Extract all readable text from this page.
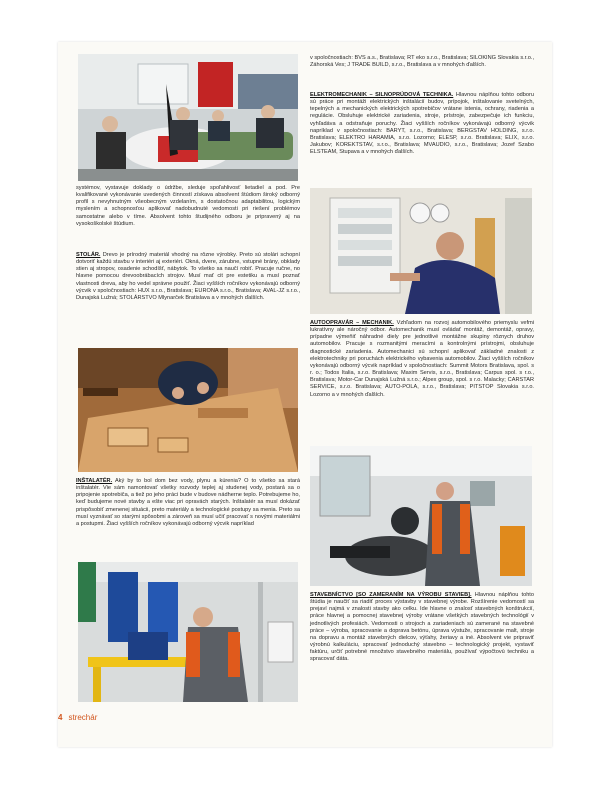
systémov, vystavuje doklady o údržbe, sleduje spoľahlivosť lietadiel a pod. Pre kvalifikované vykonávanie uvedených činností získava absolvent štúdiom široký odborný profil s nevyhnutným všeobecným vzdelaním, s dostatočnou adaptabilitou, logickým myslením a schopnosťou aplikovať nadobudnuté vedomosti pri riešení problémov samostatne alebo v tíme. Absolvent tohto študijného odboru je pripravený aj na vysokoškolské štúdium.

STOLÁR. Drevo je prírodný materiál vhodný na rôzne výrobky. Preto sú stolári schopní dotvoriť každú stavbu v interiéri aj exteriéri. Okná, dvere, zárubne, vstupné brány, obklady stien aj stropov, osadenie schodíšť, nábytok. To všetko sa naučí robiť. Pracuje ručne, no hlavne pomocou drevoobrábacích strojov. Musí mať cit pre estetiku a musí poznať vlastnosti dreva, aby ho vedel správne použiť. Žiaci vyšších ročníkov vykonávajú odborný výcvik v spoločnostiach: HUX s.r.o., Bratislava; EURONA s.r.o., Bratislava; AVAL-JZ s.r.o., Dunajská Lužná; STOLÁRSTVO Mlynarček Bratislava a v mnohých ďalších.

INŠTALATÉR. Aký by to bol dom bez vody, plynu a kúrenia? O to všetko sa stará inštalatér. Vie sám namontovať všetky rozvody teplej aj studenej vody, postará sa o pripojenie spotrebiča, a tiež po jeho práci bude v budove nádherne teplo. Potrebujeme ho, keď budujeme nové stavby a ešte viac pri opravách starých. Inštalatér sa musí dokázať prispôsobiť zmenenej situácii, preto materiály a technologické postupy sa menia. Preto sa musí vyznávať so starými spôsobmi a zároveň sa musí učiť pracovať s novými materiálmi a postupmi. Žiaci vyšších ročníkov vykonávajú odborný výcvik napríklad

v spoločnostiach: BVS a.s., Bratislava; RT eko s.r.o., Bratislava; SILOKING Slovakia s.r.o., Záhorská Ves; J TRADE BUILD, s.r.o., Bratislava a v mnohých ďalších.

ELEKTROMECHANIK – SILNOPRÚDOVÁ TECHNIKA. Hlavnou náplňou tohto odboru sú práce pri montáži elektrických inštalácií budov, prípojok, inštalovanie svetelných, tepelných a mechanických elektrických spotrebičov vrátane istenia, ochrany, riadenia a regulácie. Obsluhuje elektrické zariadenia, stroje, prístroje, zabezpečuje ich funkciu, vyhľadáva a odstraňuje poruchy. Žiaci vyšších ročníkov vykonávajú odborný výcvik napríklad v spoločnostiach: BARYT, s.r.o., Bratislava; BERGSTAV HOLDING, s.r.o. Bratislava; ELEKTRO HARAMIA, s.r.o. Lozorno; ELESP, s.r.o. Bratislava; ELIX, s.r.o. Jakubov; KOREKTSTAV, s.r.o., Bratislava; MVAUDIO, s.r.o., Bratislava; Jozef Szabo ELSTEAM, Stupava a v mnohých ďalších.

AUTOOPRAVÁR – MECHANIK. Vzhľadom na rozvoj automobilového priemyslu vefmi lukratívny ale náročný odbor. Automechanik musí ovládať montáž, demontáž, opravy, prípadne výmeňiť náhradné diely pre jednotlivé montážne skupiny rôznych druhov automobilov. Pracuje s rozmanitými meracími a kontrolnými prístrojmi, obsluhuje diagnostické zariadenia. Automechanici sú schopní aplikovať základné znalosti z elektrotechniky pri poruchách elektrického vybavenia automobilov. Žiaci vyšších ročníkov vykonávajú odborný výcvik napríklad v spoločnostiach: Summit Motors Bratislava, spol. s r. o.; Todos Italia, s.r.o. Bratislava; Maxim Servis, s.r.o., Bratislava; Carpus spol. s r.o., Bratislava; Motor-Car Dunajská Lužná s.r.o.; Alpex group, spol. s r.o. Malacky; CARSTAR SERVICE, s.r.o. Bratislava; AUTO-POLA, s.r.o., Bratislava; PITSTOP Slovakia s.r.o. Lozorno a v mnohých ďalších.

STAVEBNÍCTVO [SO ZAMERANÍM NA VÝROBU STAVIEB]. Hlavnou náplňou tohto štúdia je naučiť sa riadiť proces výstavby v stavebnej výrobe. Rozšírenie vedomostí sa prejaví najmä v znalosti stavby ako celku. Ide hlavne o znalosť stavebných konštrukcií, práce hlavnej a pomocnej stavebnej výroby vrátane všetkých stavebných technológií v jednotlivých profesiách. Vedomosti o strojoch a zariadeniach sú zamerané na stavebné práce – výroba, spracovanie a doprava betónu, úprava výstuže, spracovanie malt, stroje na dopravu a montáž stavebných dielcov, výťahy, žeriavy a iné. Absolvent vie pripraviť výrobnú kalkuláciu, spracovať jednoduchý stavebno – technologický projekt, vystaviť faktúru, určiť potrebné množstvo stavebného materiálu, používať výpočtovú techniku a spracovať dáta.

4 strechár
